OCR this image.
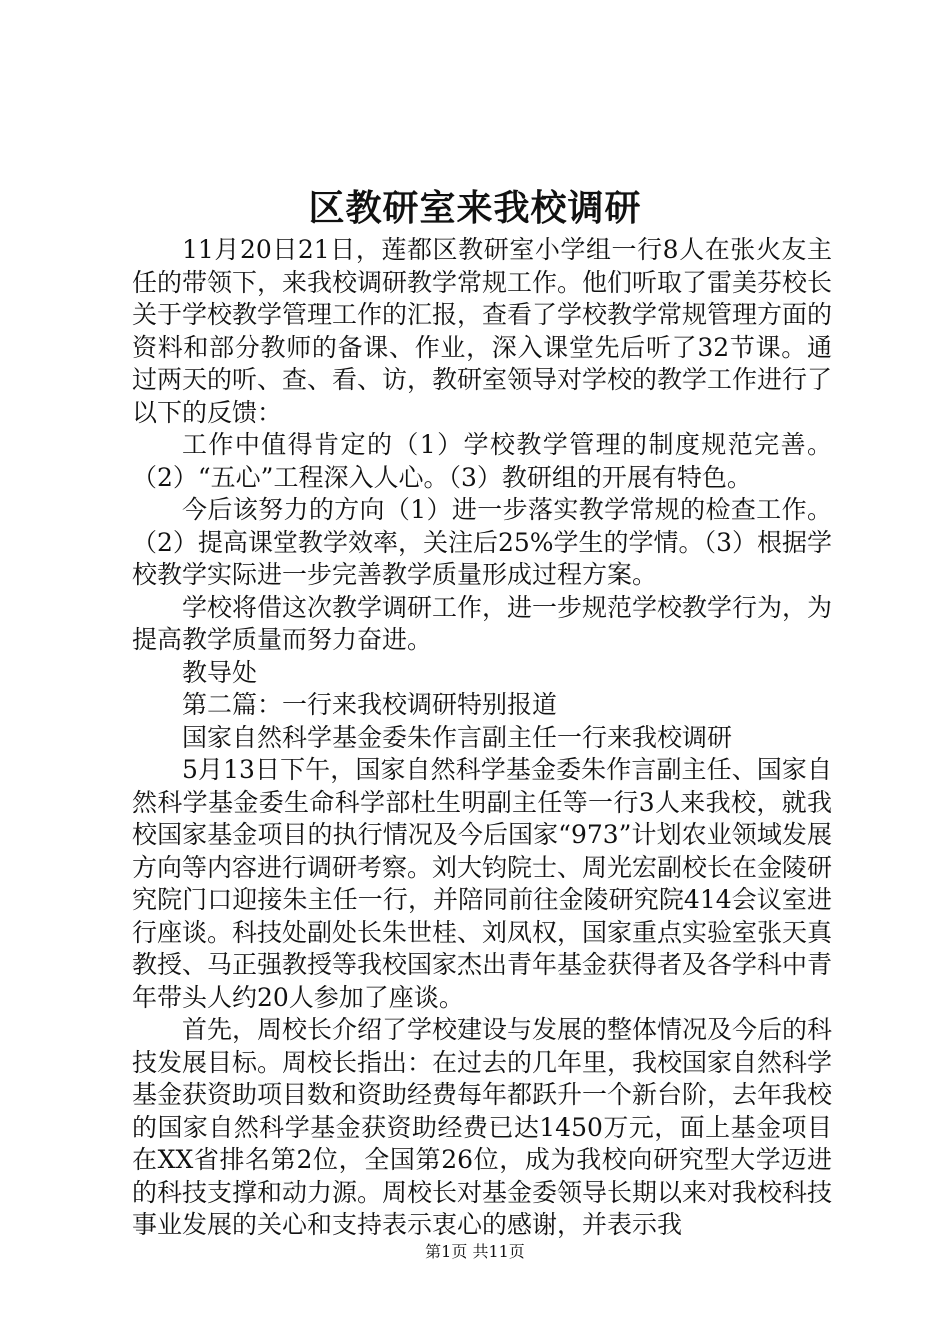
区教研室来我校调研

11月20日21日，莲都区教研室小学组一行8人在张火友主任的带领下，来我校调研教学常规工作。他们听取了雷美芬校长关于学校教学管理工作的汇报，查看了学校教学常规管理方面的资料和部分教师的备课、作业，深入课堂先后听了32节课。通过两天的听、查、看、访，教研室领导对学校的教学工作进行了以下的反馈：

工作中值得肯定的（1）学校教学管理的制度规范完善。（2）“五心”工程深入人心。（3）教研组的开展有特色。

今后该努力的方向（1）进一步落实教学常规的检查工作。（2）提高课堂教学效率，关注后25%学生的学情。（3）根据学校教学实际进一步完善教学质量形成过程方案。

学校将借这次教学调研工作，进一步规范学校教学行为，为提高教学质量而努力奋进。

教导处

第二篇：一行来我校调研特别报道

国家自然科学基金委朱作言副主任一行来我校调研

5月13日下午，国家自然科学基金委朱作言副主任、国家自然科学基金委生命科学部杜生明副主任等一行3人来我校，就我校国家基金项目的执行情况及今后国家“973”计划农业领域发展方向等内容进行调研考察。刘大钧院士、周光宏副校长在金陵研究院门口迎接朱主任一行，并陪同前往金陵研究院414会议室进行座谈。科技处副处长朱世桂、刘凤权，国家重点实验室张天真教授、马正强教授等我校国家杰出青年基金获得者及各学科中青年带头人约20人参加了座谈。

首先，周校长介绍了学校建设与发展的整体情况及今后的科技发展目标。周校长指出：在过去的几年里，我校国家自然科学基金获资助项目数和资助经费每年都跃升一个新台阶，去年我校的国家自然科学基金获资助经费已达1450万元，面上基金项目在XX省排名第2位，全国第26位，成为我校向研究型大学迈进的科技支撑和动力源。周校长对基金委领导长期以来对我校科技事业发展的关心和支持表示衷心的感谢，并表示我

第1页 共11页
